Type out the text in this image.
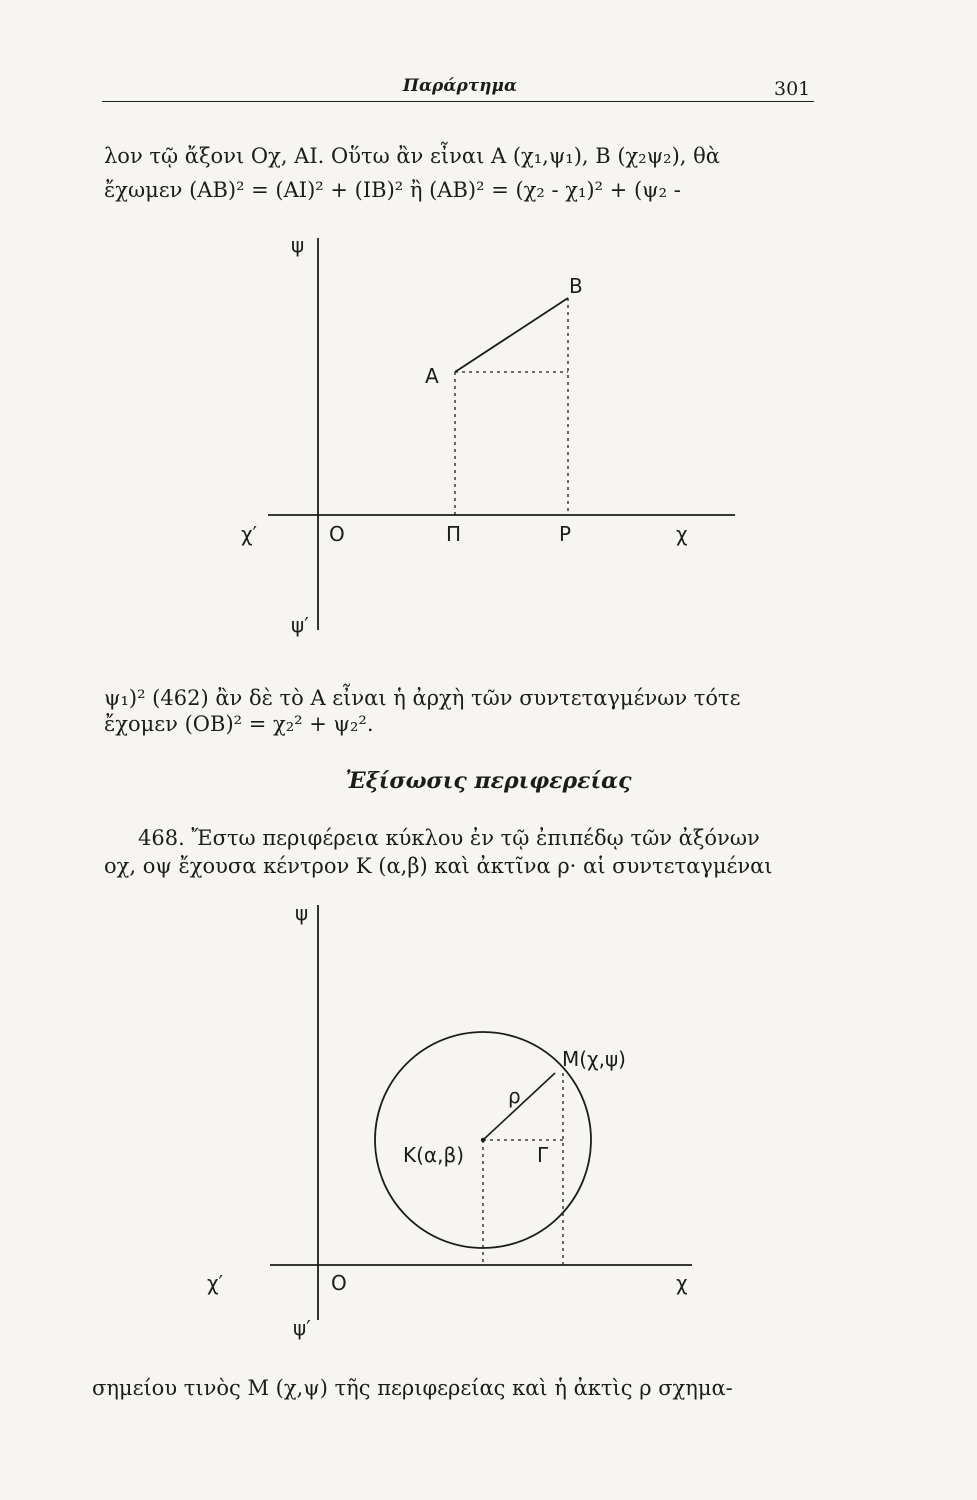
Παράρτημα	301
λον τῷ ἄξονι Οχ, ΑΙ. Οὕτω ἂν εἶναι Α (χ₁,ψ₁), Β (χ₂ψ₂), θὰ
ἔχωμεν (ΑΒ)² = (ΑΙ)² + (ΙΒ)² ἢ (ΑΒ)² = (χ₂ - χ₁)² + (ψ₂ -
ψ
ψ′
χ′	χ
O
A
B
Π	Ρ
ψ₁)² (462) ἂν δὲ τὸ Α εἶναι ἡ ἀρχὴ τῶν συντεταγμένων τότε
ἔχομεν (ΟΒ)² = χ₂² + ψ₂².
Ἐξίσωσις περιφερείας
468. Ἔστω περιφέρεια κύκλου ἐν τῷ ἐπιπέδῳ τῶν ἀξόνων
οχ, οψ ἔχουσα κέντρον Κ (α,β) καὶ ἀκτῖνα ρ· αἱ συντεταγμέναι
ψ
ψ′
χ′	χ
O
K(α,β)
M(χ,ψ)
ρ
Γ
σημείου τινὸς Μ (χ,ψ) τῆς περιφερείας καὶ ἡ ἀκτὶς ρ σχημα-
